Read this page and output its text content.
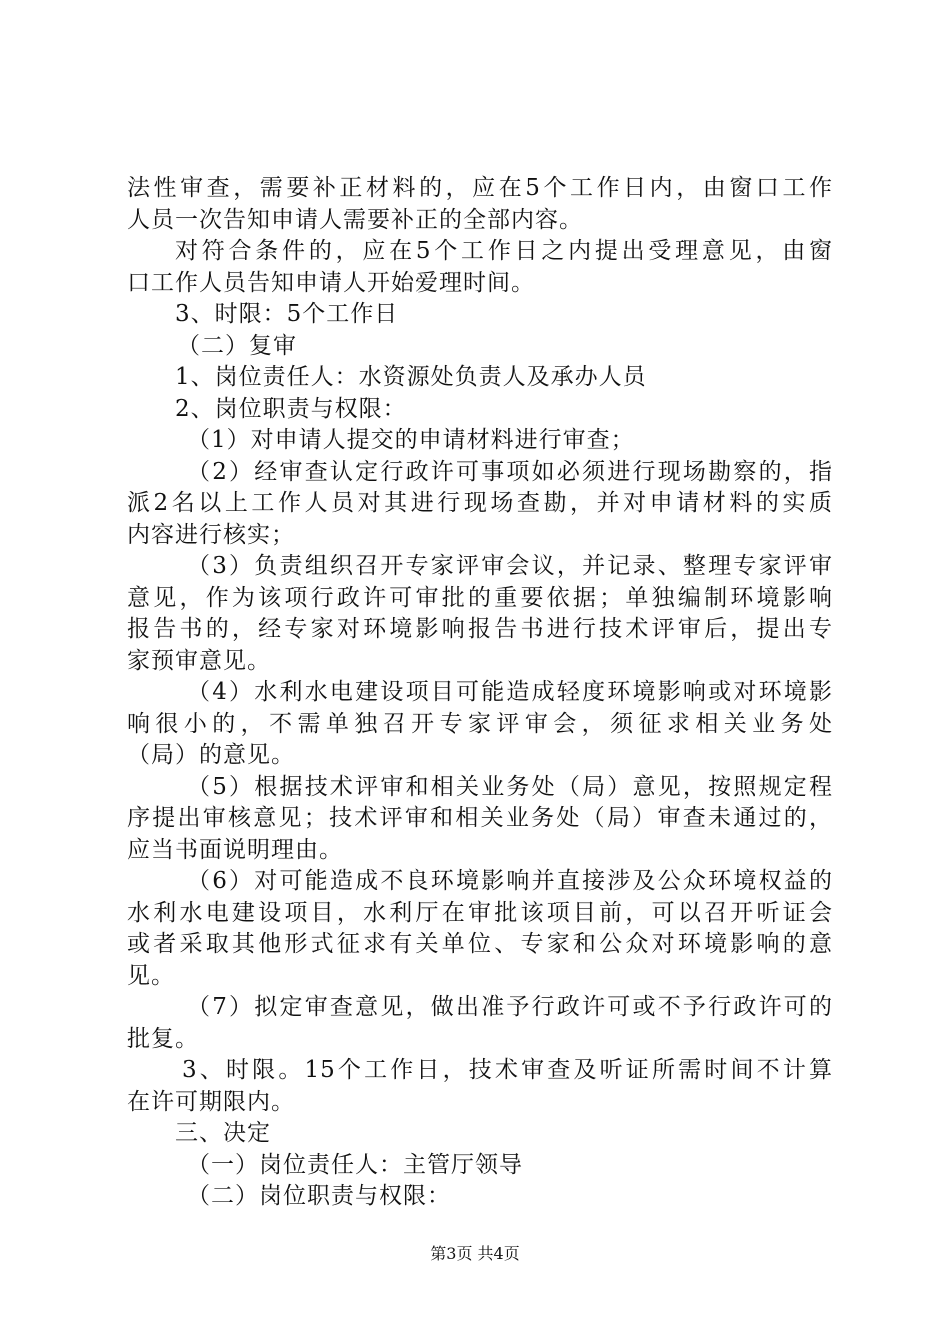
法性审查，需要补正材料的，应在5个工作日内，由窗口工作
人员一次告知申请人需要补正的全部内容。
对符合条件的，应在5个工作日之内提出受理意见，由窗
口工作人员告知申请人开始爱理时间。
3、时限：5个工作日
（二）复审
1、岗位责任人：水资源处负责人及承办人员
2、岗位职责与权限：
（1）对申请人提交的申请材料进行审查；
（2）经审查认定行政许可事项如必须进行现场勘察的，指
派2名以上工作人员对其进行现场查勘，并对申请材料的实质
内容进行核实；
（3）负责组织召开专家评审会议，并记录、整理专家评审
意见，作为该项行政许可审批的重要依据；单独编制环境影响
报告书的，经专家对环境影响报告书进行技术评审后，提出专
家预审意见。
（4）水利水电建设项目可能造成轻度环境影响或对环境影
响很小的，不需单独召开专家评审会，须征求相关业务处
（局）的意见。
（5）根据技术评审和相关业务处（局）意见，按照规定程
序提出审核意见；技术评审和相关业务处（局）审查未通过的，
应当书面说明理由。
（6）对可能造成不良环境影响并直接涉及公众环境权益的
水利水电建设项目，水利厅在审批该项目前，可以召开听证会
或者采取其他形式征求有关单位、专家和公众对环境影响的意
见。
（7）拟定审查意见，做出准予行政许可或不予行政许可的
批复。
3、时限。15个工作日，技术审查及听证所需时间不计算
在许可期限内。
三、决定
（一）岗位责任人：主管厅领导
（二）岗位职责与权限：
第3页 共4页
